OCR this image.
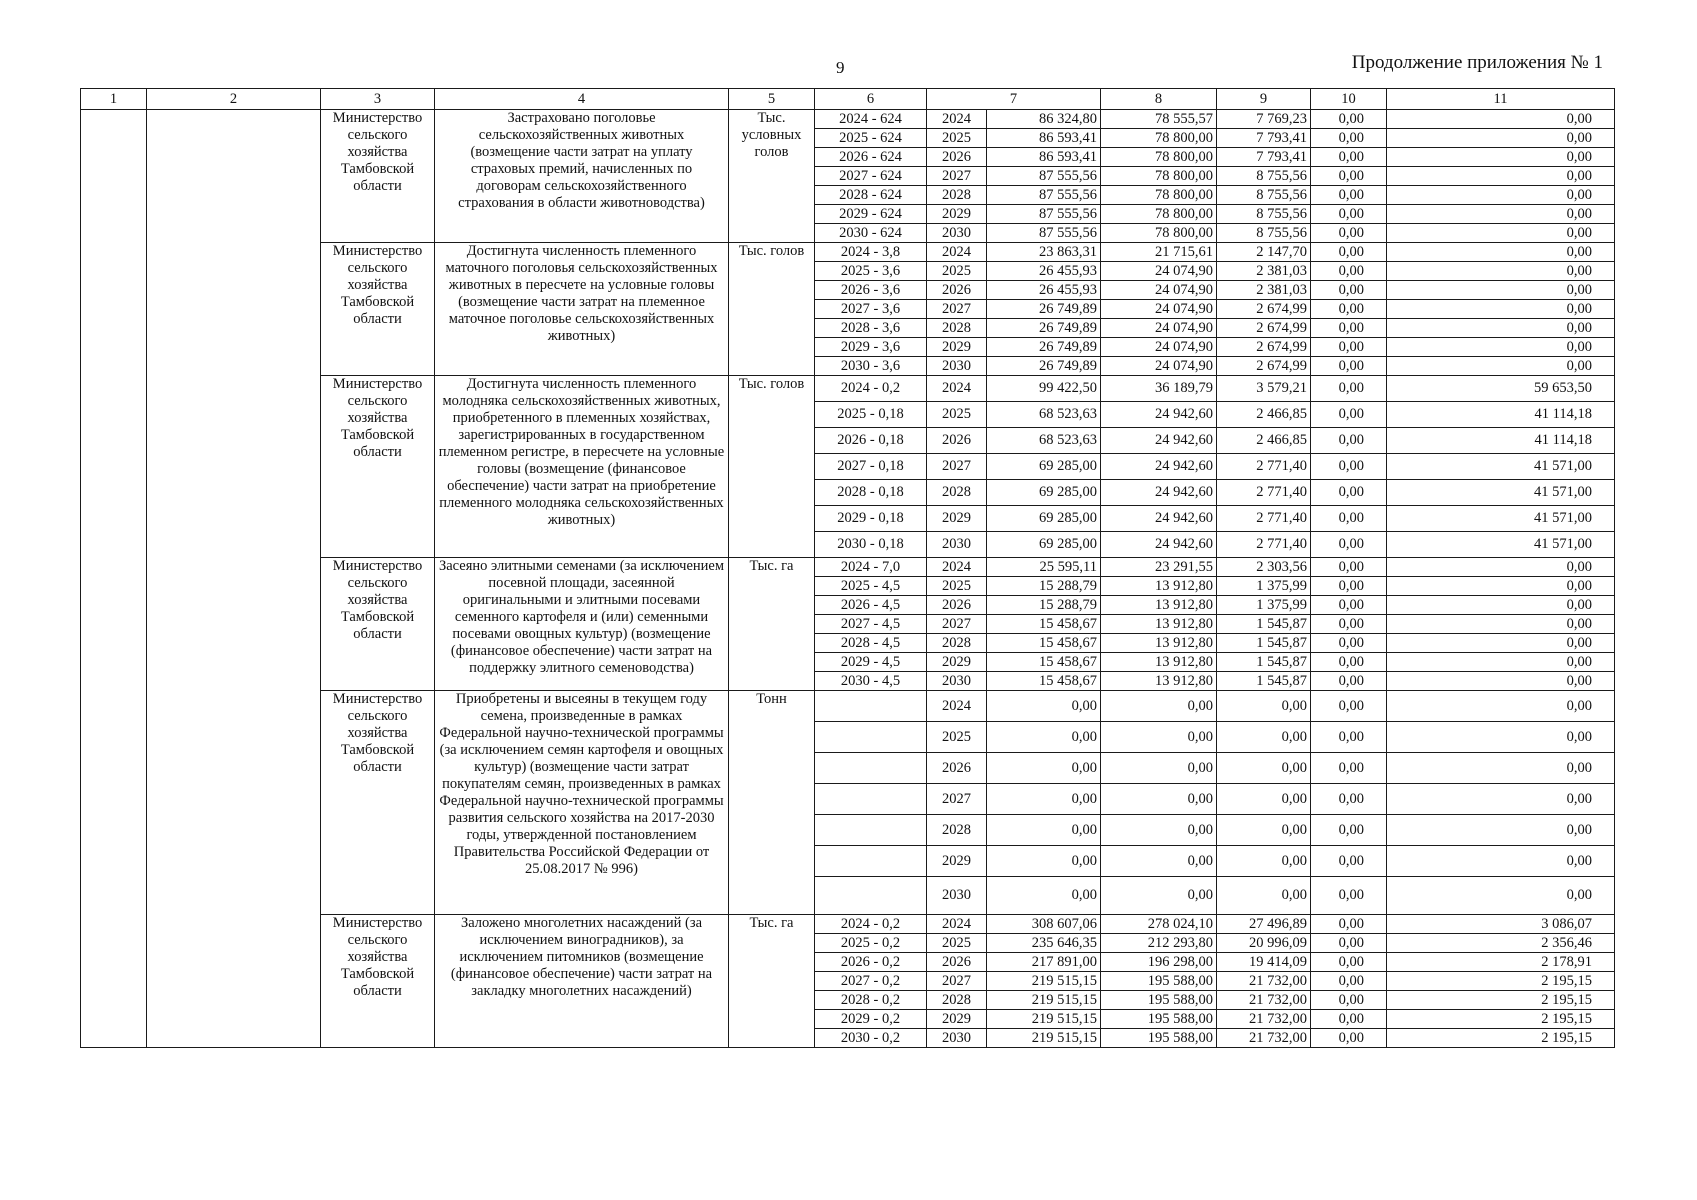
9	Продолжение приложения № 1
1	2	3	4	5	6	7		8	9	10	11
		Министерство сельского хозяйства Тамбовской области	Застраховано поголовье сельскохозяйственных животных (возмещение части затрат на уплату страховых премий, начисленных по договорам сельскохозяйственного страхования в области животноводства)	Тыс. условных голов	2024 - 624	2024	86 324,80	78 555,57	7 769,23	0,00	0,00
					2025 - 624	2025	86 593,41	78 800,00	7 793,41	0,00	0,00
					2026 - 624	2026	86 593,41	78 800,00	7 793,41	0,00	0,00
					2027 - 624	2027	87 555,56	78 800,00	8 755,56	0,00	0,00
					2028 - 624	2028	87 555,56	78 800,00	8 755,56	0,00	0,00
					2029 - 624	2029	87 555,56	78 800,00	8 755,56	0,00	0,00
					2030 - 624	2030	87 555,56	78 800,00	8 755,56	0,00	0,00
		Министерство сельского хозяйства Тамбовской области	Достигнута численность племенного маточного поголовья сельскохозяйственных животных в пересчете на условные головы (возмещение части затрат на племенное маточное поголовье сельскохозяйственных животных)	Тыс. голов	2024 - 3,8	2024	23 863,31	21 715,61	2 147,70	0,00	0,00
					2025 - 3,6	2025	26 455,93	24 074,90	2 381,03	0,00	0,00
					2026 - 3,6	2026	26 455,93	24 074,90	2 381,03	0,00	0,00
					2027 - 3,6	2027	26 749,89	24 074,90	2 674,99	0,00	0,00
					2028 - 3,6	2028	26 749,89	24 074,90	2 674,99	0,00	0,00
					2029 - 3,6	2029	26 749,89	24 074,90	2 674,99	0,00	0,00
					2030 - 3,6	2030	26 749,89	24 074,90	2 674,99	0,00	0,00
		Министерство сельского хозяйства Тамбовской области	Достигнута численность племенного молодняка сельскохозяйственных животных, приобретенного в племенных хозяйствах, зарегистрированных в государственном племенном регистре, в пересчете на условные головы (возмещение (финансовое обеспечение) части затрат на приобретение племенного молодняка сельскохозяйственных животных)	Тыс. голов	2024 - 0,2	2024	99 422,50	36 189,79	3 579,21	0,00	59 653,50
					2025 - 0,18	2025	68 523,63	24 942,60	2 466,85	0,00	41 114,18
					2026 - 0,18	2026	68 523,63	24 942,60	2 466,85	0,00	41 114,18
					2027 - 0,18	2027	69 285,00	24 942,60	2 771,40	0,00	41 571,00
					2028 - 0,18	2028	69 285,00	24 942,60	2 771,40	0,00	41 571,00
					2029 - 0,18	2029	69 285,00	24 942,60	2 771,40	0,00	41 571,00
					2030 - 0,18	2030	69 285,00	24 942,60	2 771,40	0,00	41 571,00
		Министерство сельского хозяйства Тамбовской области	Засеяно элитными семенами (за исключением посевной площади, засеянной оригинальными и элитными посевами семенного картофеля и (или) семенными посевами овощных культур) (возмещение (финансовое обеспечение) части затрат на поддержку элитного семеноводства)	Тыс. га	2024 - 7,0	2024	25 595,11	23 291,55	2 303,56	0,00	0,00
					2025 - 4,5	2025	15 288,79	13 912,80	1 375,99	0,00	0,00
					2026 - 4,5	2026	15 288,79	13 912,80	1 375,99	0,00	0,00
					2027 - 4,5	2027	15 458,67	13 912,80	1 545,87	0,00	0,00
					2028 - 4,5	2028	15 458,67	13 912,80	1 545,87	0,00	0,00
					2029 - 4,5	2029	15 458,67	13 912,80	1 545,87	0,00	0,00
					2030 - 4,5	2030	15 458,67	13 912,80	1 545,87	0,00	0,00
		Министерство сельского хозяйства Тамбовской области	Приобретены и высеяны в текущем году семена, произведенные в рамках Федеральной научно-технической программы (за исключением семян картофеля и овощных культур) (возмещение части затрат покупателям семян, произведенных в рамках Федеральной научно-технической программы развития сельского хозяйства на 2017-2030 годы, утвержденной постановлением Правительства Российской Федерации от 25.08.2017 № 996)	Тонн		2024	0,00	0,00	0,00	0,00	0,00
						2025	0,00	0,00	0,00	0,00	0,00
						2026	0,00	0,00	0,00	0,00	0,00
						2027	0,00	0,00	0,00	0,00	0,00
						2028	0,00	0,00	0,00	0,00	0,00
						2029	0,00	0,00	0,00	0,00	0,00
						2030	0,00	0,00	0,00	0,00	0,00
		Министерство сельского хозяйства Тамбовской области	Заложено многолетних насаждений (за исключением виноградников), за исключением питомников (возмещение (финансовое обеспечение) части затрат на закладку многолетних насаждений)	Тыс. га	2024 - 0,2	2024	308 607,06	278 024,10	27 496,89	0,00	3 086,07
					2025 - 0,2	2025	235 646,35	212 293,80	20 996,09	0,00	2 356,46
					2026 - 0,2	2026	217 891,00	196 298,00	19 414,09	0,00	2 178,91
					2027 - 0,2	2027	219 515,15	195 588,00	21 732,00	0,00	2 195,15
					2028 - 0,2	2028	219 515,15	195 588,00	21 732,00	0,00	2 195,15
					2029 - 0,2	2029	219 515,15	195 588,00	21 732,00	0,00	2 195,15
					2030 - 0,2	2030	219 515,15	195 588,00	21 732,00	0,00	2 195,15
